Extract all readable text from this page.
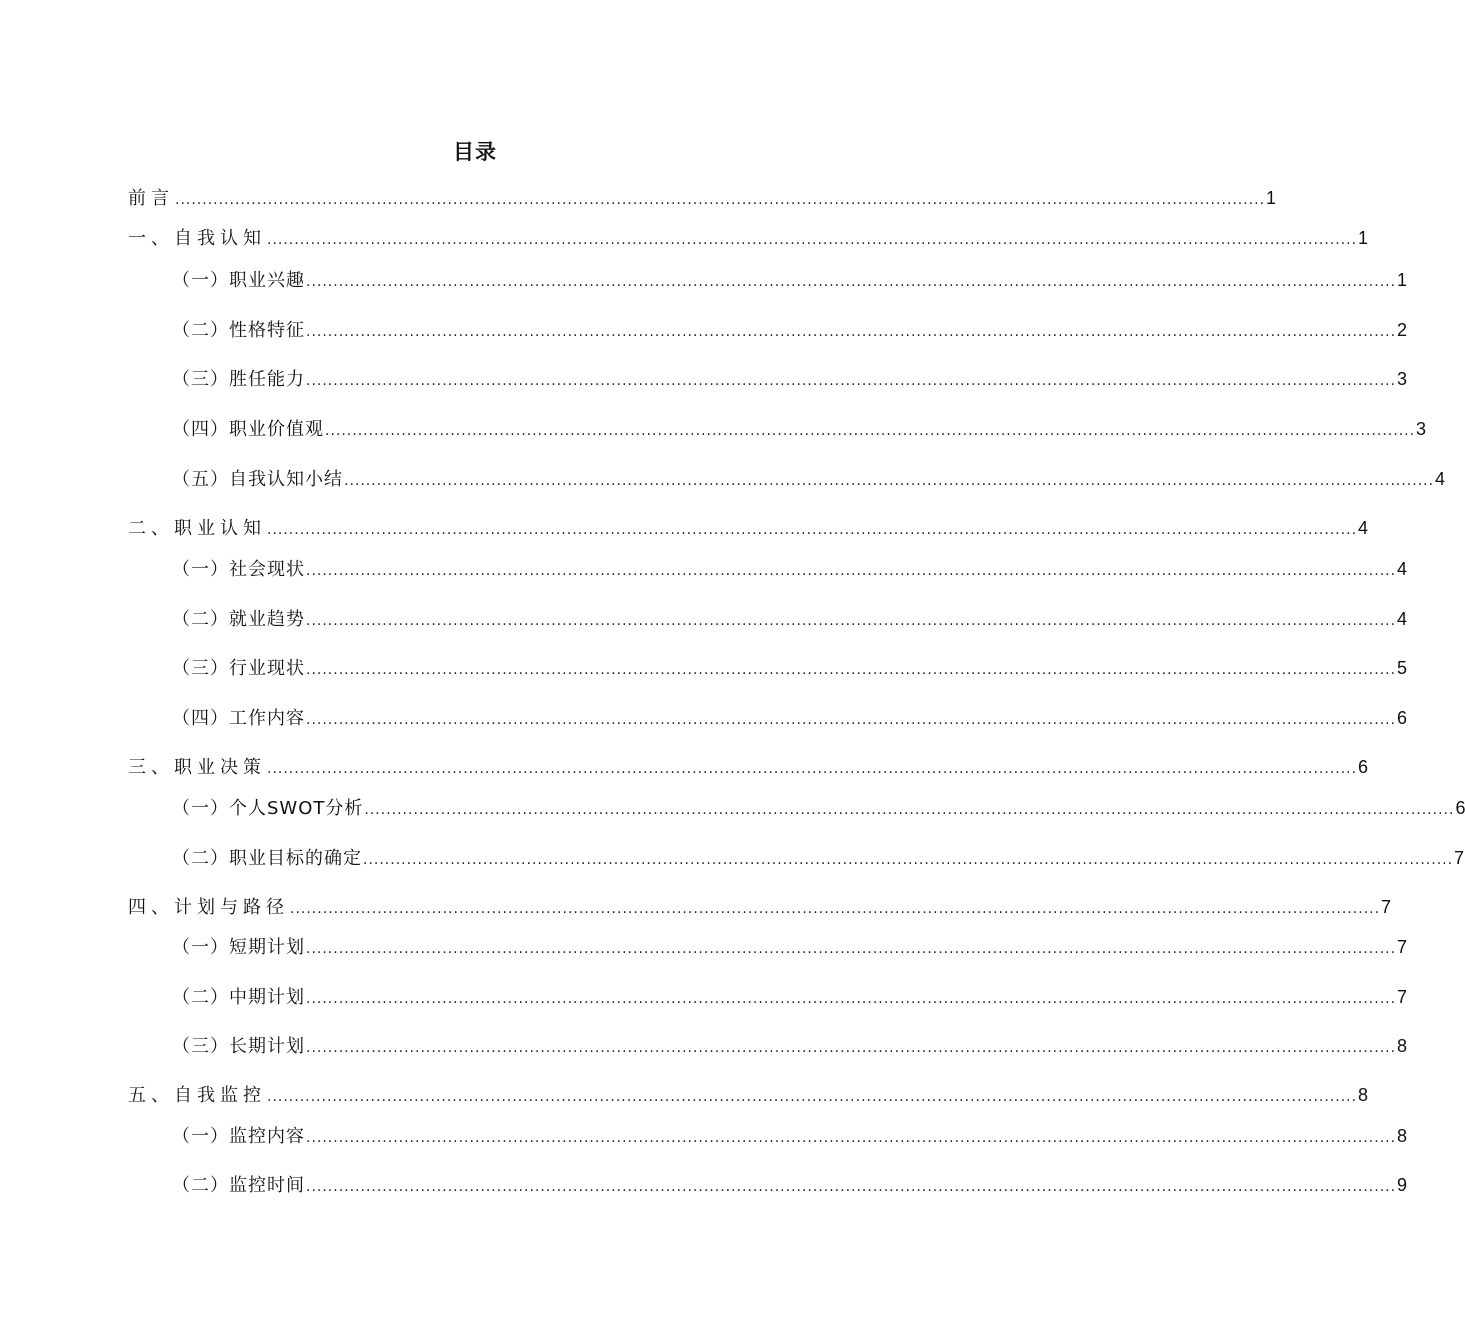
目录
前言 ........................................................................................................................................................................................................ 1
一、自我认知 ........................................................................................................................................................................................................ 1
（一）职业兴趣 ........................................................................................................................................................................................................ 1
（二）性格特征 ........................................................................................................................................................................................................ 2
（三）胜任能力 ........................................................................................................................................................................................................ 3
（四）职业价值观 ........................................................................................................................................................................................................ 3
（五）自我认知小结 ........................................................................................................................................................................................................ 4
二、职业认知 ........................................................................................................................................................................................................ 4
（一）社会现状 ........................................................................................................................................................................................................ 4
（二）就业趋势 ........................................................................................................................................................................................................ 4
（三）行业现状 ........................................................................................................................................................................................................ 5
（四）工作内容 ........................................................................................................................................................................................................ 6
三、职业决策 ........................................................................................................................................................................................................ 6
（一）个人SWOT分析 ........................................................................................................................................................................................................ 6
（二）职业目标的确定 ........................................................................................................................................................................................................ 7
四、计划与路径 ........................................................................................................................................................................................................ 7
（一）短期计划 ........................................................................................................................................................................................................ 7
（二）中期计划 ........................................................................................................................................................................................................ 7
（三）长期计划 ........................................................................................................................................................................................................ 8
五、自我监控 ........................................................................................................................................................................................................ 8
（一）监控内容 ........................................................................................................................................................................................................ 8
（二）监控时间 ........................................................................................................................................................................................................ 9
